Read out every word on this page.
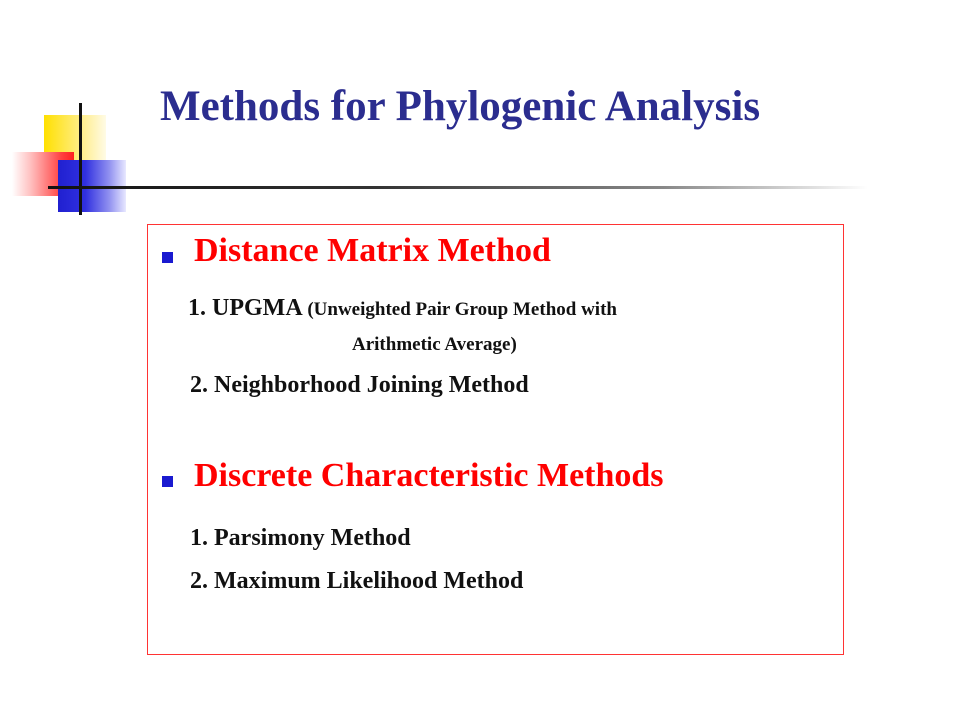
Methods for Phylogenic Analysis
Distance Matrix Method
1. UPGMA (Unweighted Pair Group Method with
Arithmetic Average)
2. Neighborhood Joining Method
Discrete Characteristic Methods
1. Parsimony Method
2. Maximum Likelihood Method
